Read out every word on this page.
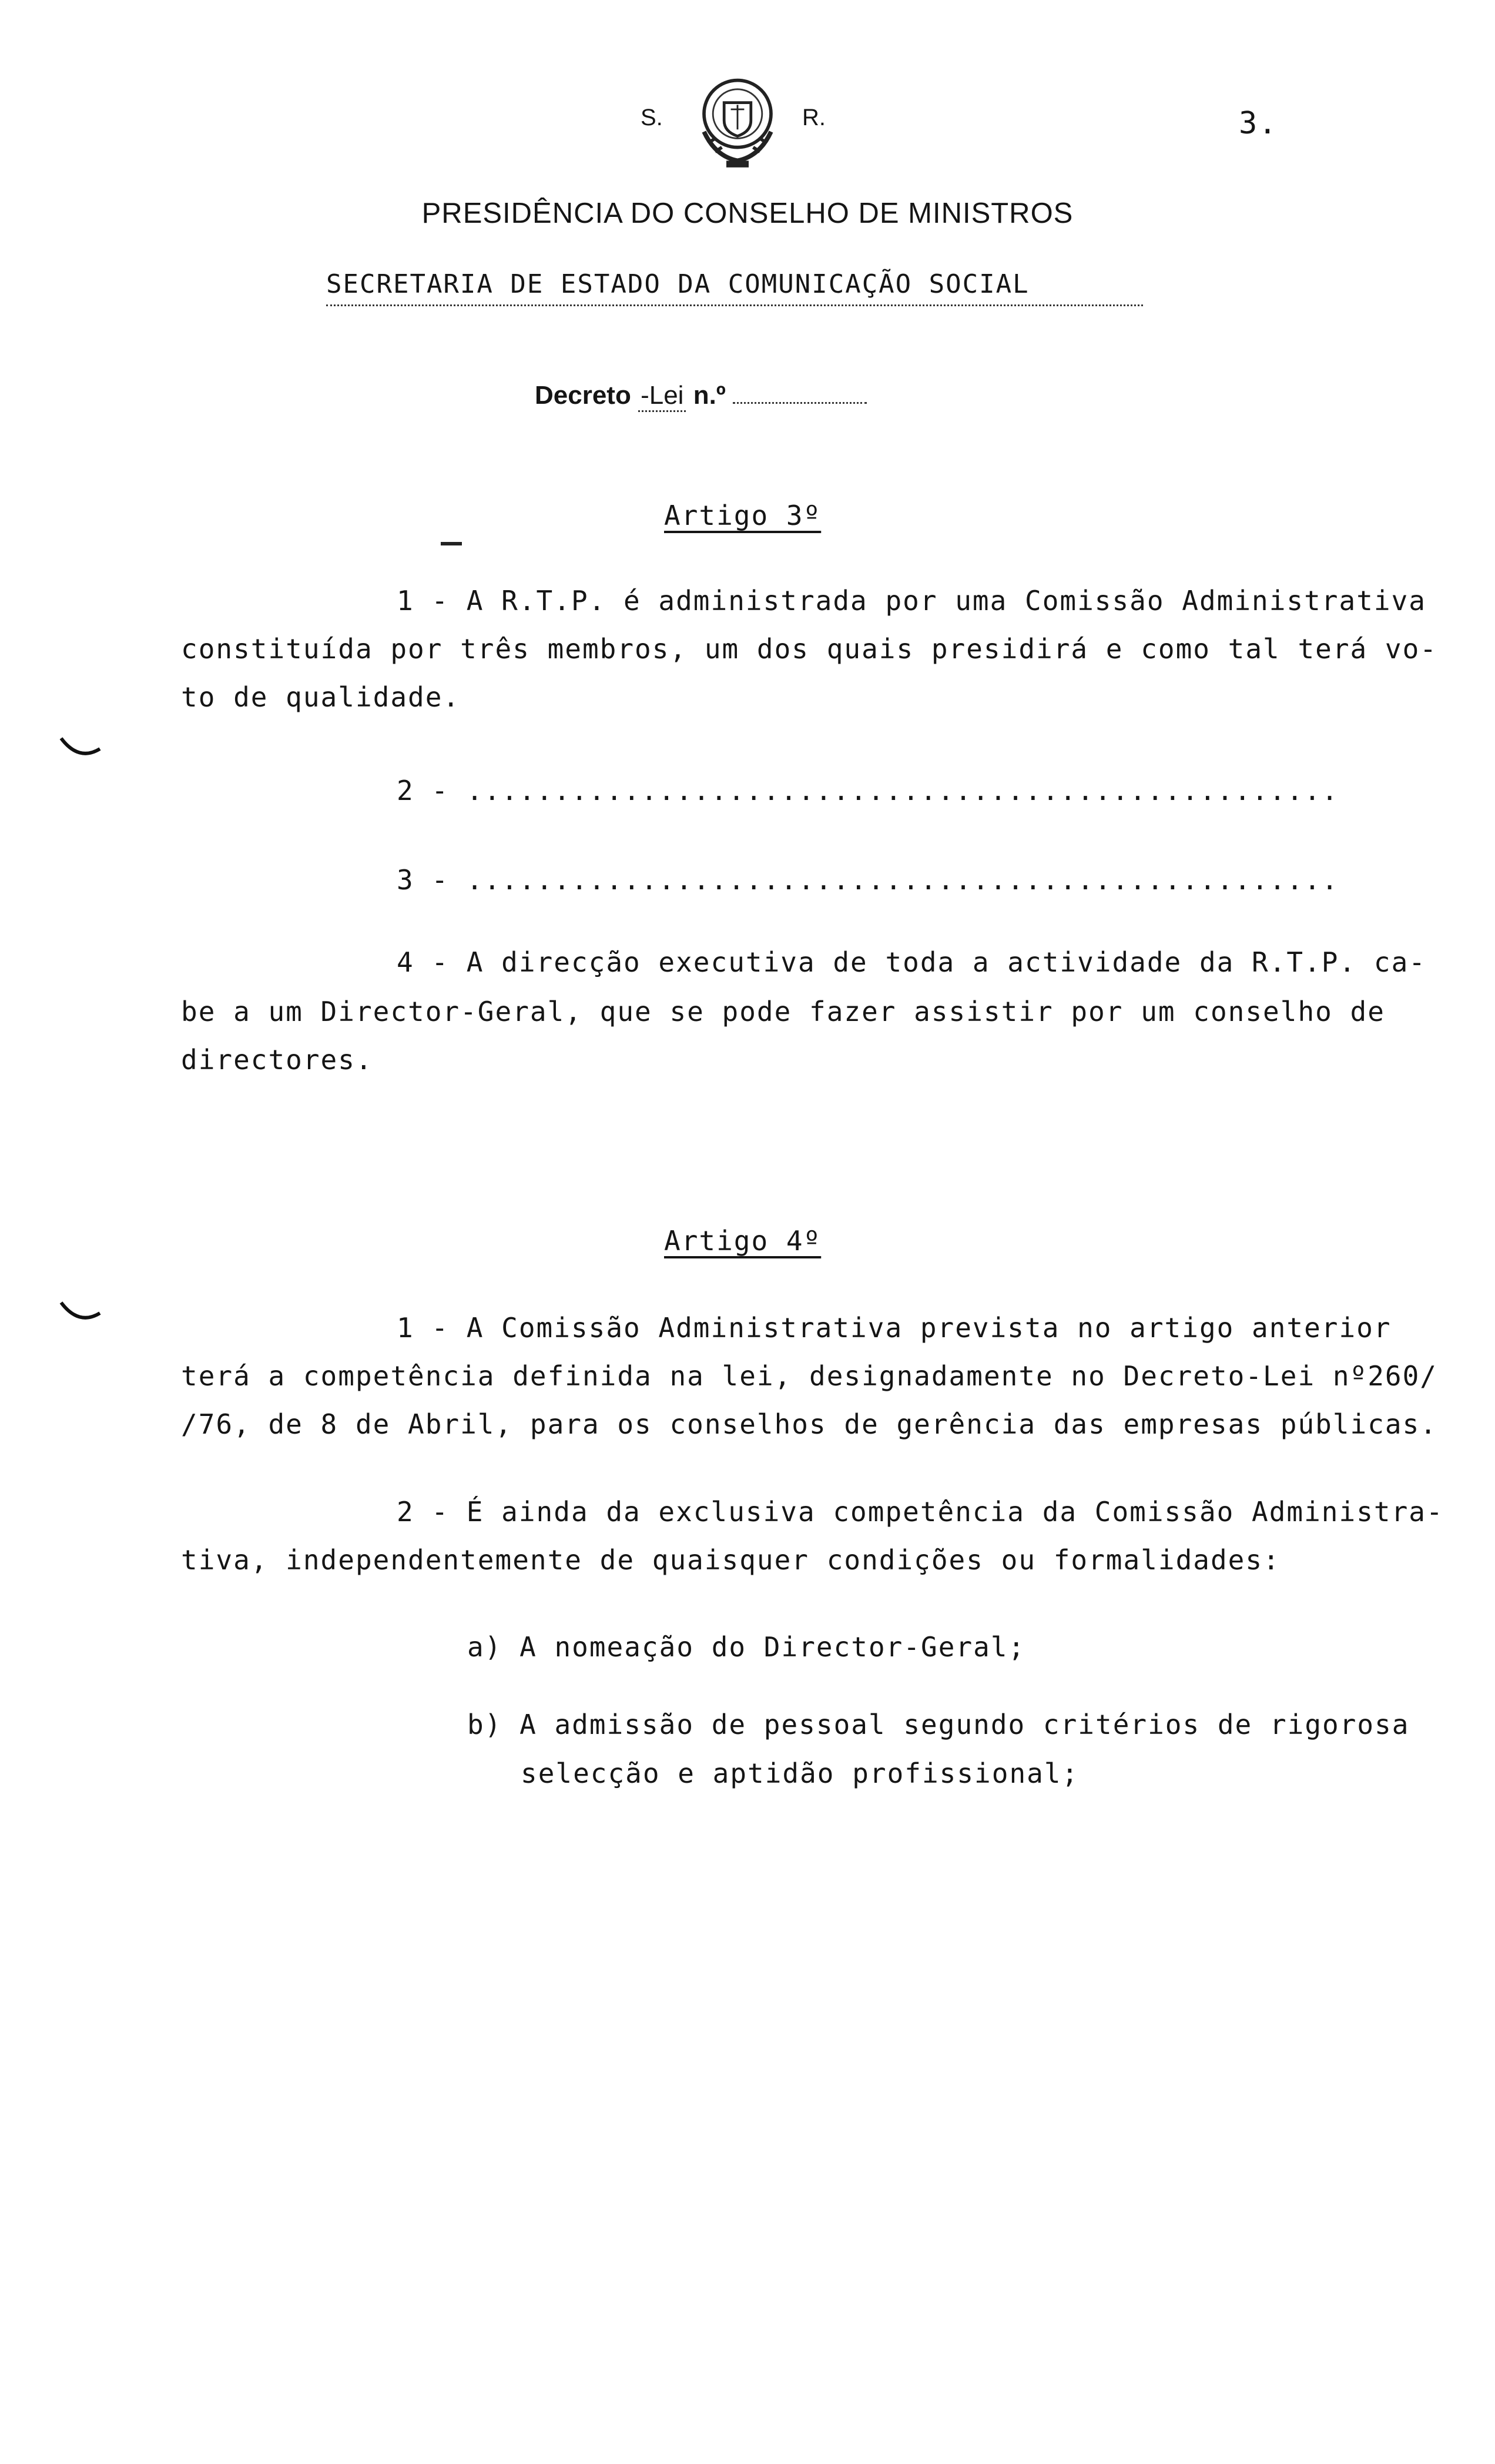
S.	R.	3.
PRESIDÊNCIA DO CONSELHO DE MINISTROS
SECRETARIA DE ESTADO DA COMUNICAÇÃO SOCIAL
Decreto -Lei n.º
Artigo 3º
1 - A R.T.P. é administrada por uma Comissão Administrativa
constituída por três membros, um dos quais presidirá e como tal terá vo-
to de qualidade.
2 - ..................................................
3 - ..................................................
4 - A direcção executiva de toda a actividade da R.T.P. ca-
be a um Director-Geral, que se pode fazer assistir por um conselho de
directores.
Artigo 4º
1 - A Comissão Administrativa prevista no artigo anterior
terá a competência definida na lei, designadamente no Decreto-Lei nº260/
/76, de 8 de Abril, para os conselhos de gerência das empresas públicas.
2 - É ainda da exclusiva competência da Comissão Administra-
tiva, independentemente de quaisquer condições ou formalidades:
a) A nomeação do Director-Geral;
b) A admissão de pessoal segundo critérios de rigorosa
selecção e aptidão profissional;
